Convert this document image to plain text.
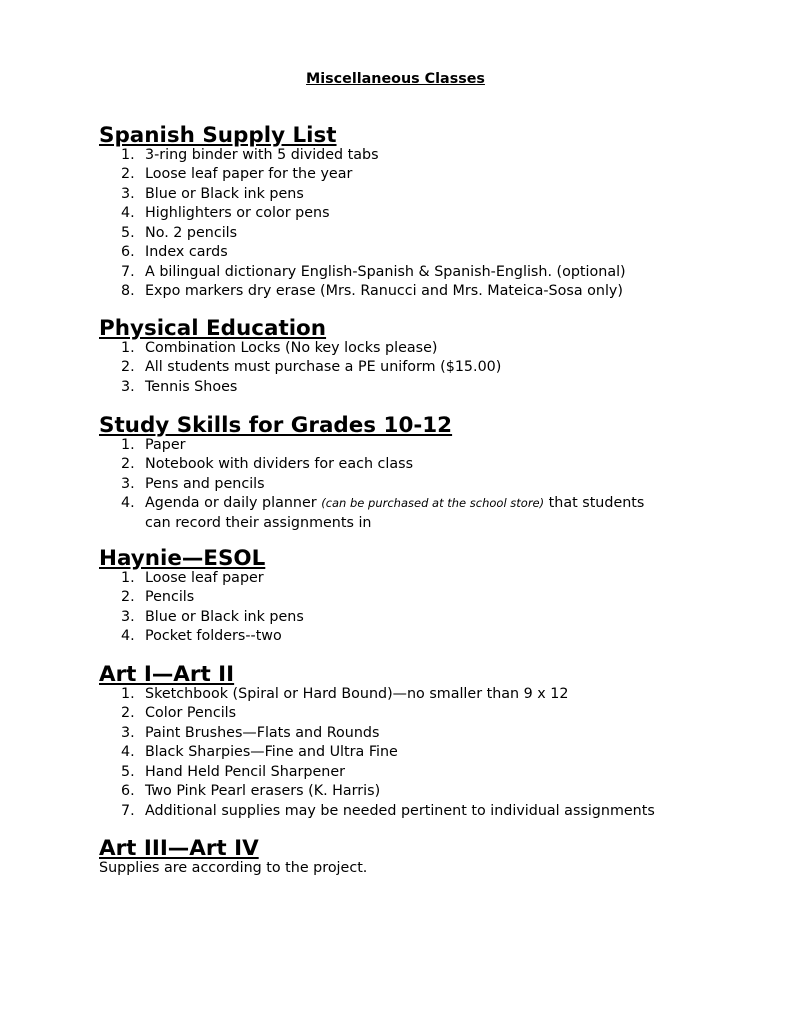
Miscellaneous Classes
Spanish Supply List
1. 3-ring binder with 5 divided tabs
2. Loose leaf paper for the year
3. Blue or Black ink pens
4. Highlighters or color pens
5. No. 2 pencils
6. Index cards
7. A bilingual dictionary English-Spanish & Spanish-English. (optional)
8. Expo markers dry erase (Mrs. Ranucci and Mrs. Mateica-Sosa only)
Physical Education
1. Combination Locks (No key locks please)
2. All students must purchase a PE uniform ($15.00)
3. Tennis Shoes
Study Skills for Grades 10-12
1. Paper
2. Notebook with dividers for each class
3. Pens and pencils
4. Agenda or daily planner (can be purchased at the school store) that students can record their assignments in
Haynie—ESOL
1. Loose leaf paper
2. Pencils
3. Blue or Black ink pens
4. Pocket folders--two
Art I—Art II
1. Sketchbook (Spiral or Hard Bound)—no smaller than 9 x 12
2. Color Pencils
3. Paint Brushes—Flats and Rounds
4. Black Sharpies—Fine and Ultra Fine
5. Hand Held Pencil Sharpener
6. Two Pink Pearl erasers (K. Harris)
7. Additional supplies may be needed pertinent to individual assignments
Art III—Art IV

Supplies are according to the project.
